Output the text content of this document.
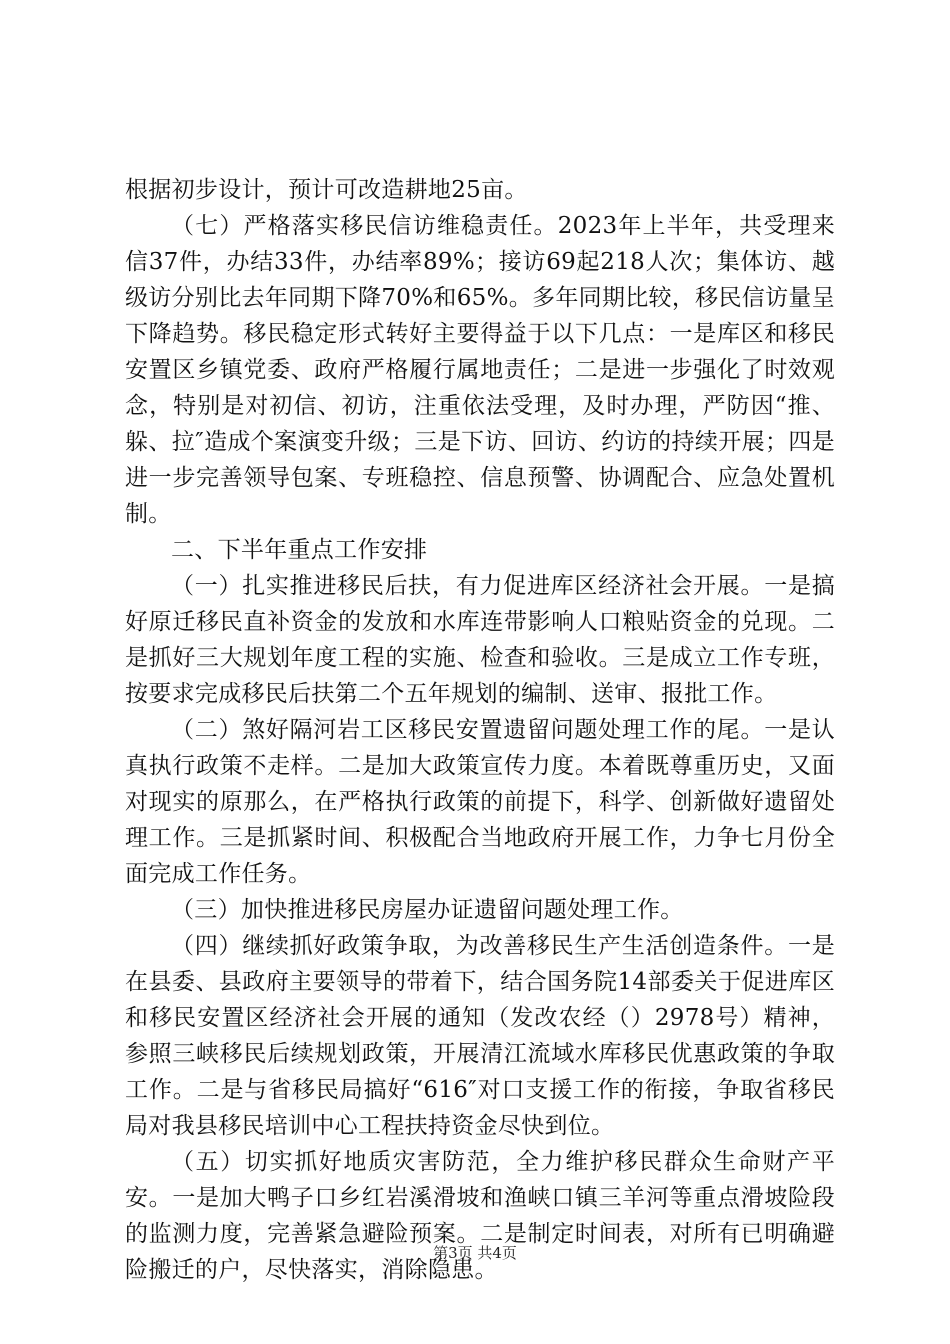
根据初步设计，预计可改造耕地25亩。

（七）严格落实移民信访维稳责任。2023年上半年，共受理来信37件，办结33件，办结率89%；接访69起218人次；集体访、越级访分别比去年同期下降70%和65%。多年同期比较，移民信访量呈下降趋势。移民稳定形式转好主要得益于以下几点：一是库区和移民安置区乡镇党委、政府严格履行属地责任；二是进一步强化了时效观念，特别是对初信、初访，注重依法受理，及时办理，严防因“推、躲、拉″造成个案演变升级；三是下访、回访、约访的持续开展；四是进一步完善领导包案、专班稳控、信息预警、协调配合、应急处置机制。

二、下半年重点工作安排

（一）扎实推进移民后扶，有力促进库区经济社会开展。一是搞好原迁移民直补资金的发放和水库连带影响人口粮贴资金的兑现。二是抓好三大规划年度工程的实施、检查和验收。三是成立工作专班，按要求完成移民后扶第二个五年规划的编制、送审、报批工作。

（二）煞好隔河岩工区移民安置遗留问题处理工作的尾。一是认真执行政策不走样。二是加大政策宣传力度。本着既尊重历史，又面对现实的原那么，在严格执行政策的前提下，科学、创新做好遗留处理工作。三是抓紧时间、积极配合当地政府开展工作，力争七月份全面完成工作任务。

（三）加快推进移民房屋办证遗留问题处理工作。

（四）继续抓好政策争取，为改善移民生产生活创造条件。一是在县委、县政府主要领导的带着下，结合国务院14部委关于促进库区和移民安置区经济社会开展的通知（发改农经（）2978号）精神，参照三峡移民后续规划政策，开展清江流域水库移民优惠政策的争取工作。二是与省移民局搞好“616″对口支援工作的衔接，争取省移民局对我县移民培训中心工程扶持资金尽快到位。

（五）切实抓好地质灾害防范，全力维护移民群众生命财产平安。一是加大鸭子口乡红岩溪滑坡和渔峡口镇三羊河等重点滑坡险段的监测力度，完善紧急避险预案。二是制定时间表，对所有已明确避险搬迁的户，尽快落实，消除隐患。

第3页 共4页
